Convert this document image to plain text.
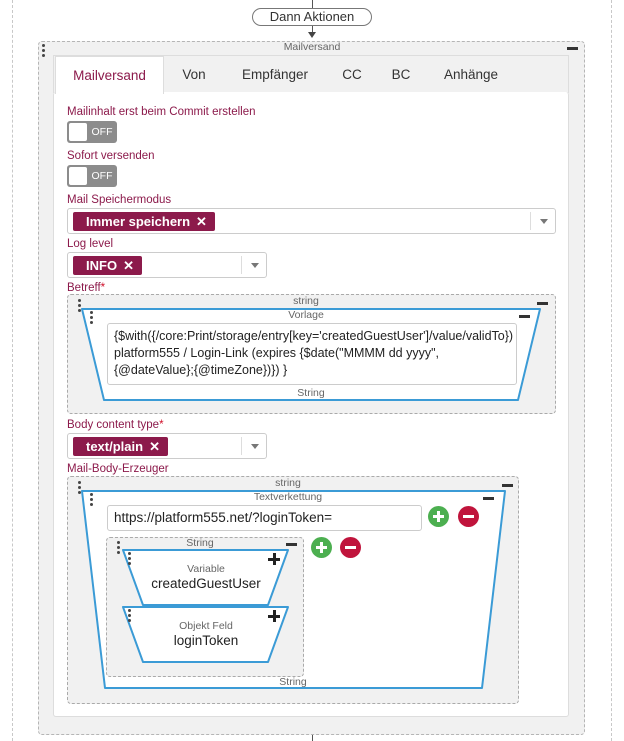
Dann Aktionen
Mailversand
Mailversand	Von	Empfänger	CC	BC	Anhänge
Mailinhalt erst beim Commit erstellen
OFF
Sofort versenden
OFF
Mail Speichermodus
Immer speichern ✕
Log level
INFO ✕
Betreff*
string
Vorlage
{$with({/core:Print/storage/entry[key='createdGuestUser']/value/validTo}) platform555 / Login-Link (expires {$date("MMMM dd yyyy",{@dateValue};{@timeZone})}) }
String
Body content type*
text/plain ✕
Mail-Body-Erzeuger
string
Textverkettung
https://platform555.net/?loginToken=
String
Variable
createdGuestUser
Objekt Feld
loginToken
String
